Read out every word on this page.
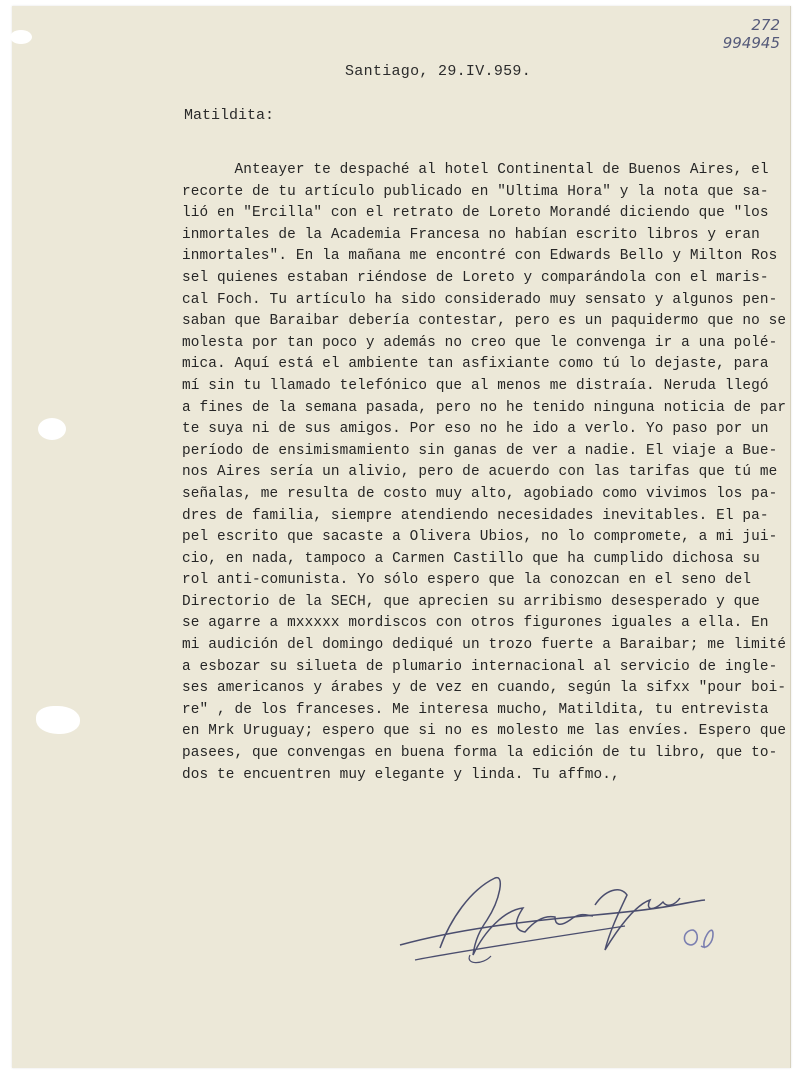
272
994945
Santiago, 29.IV.959.
Matildita:
Anteayer te despaché al hotel Continental de Buenos Aires, el
recorte de tu artículo publicado en "Ultima Hora" y la nota que sa-
lió en "Ercilla" con el retrato de Loreto Morandé diciendo que "los
inmortales de la Academia Francesa no habían escrito libros y eran
inmortales". En la mañana me encontré con Edwards Bello y Milton Ros
sel quienes estaban riéndose de Loreto y comparándola con el maris-
cal Foch. Tu artículo ha sido considerado muy sensato y algunos pen-
saban que Baraibar debería contestar, pero es un paquidermo que no se
molesta por tan poco y además no creo que le convenga ir a una polé-
mica. Aquí está el ambiente tan asfixiante como tú lo dejaste, para
mí sin tu llamado telefónico que al menos me distraía. Neruda llegó
a fines de la semana pasada, pero no he tenido ninguna noticia de par
te suya ni de sus amigos. Por eso no he ido a verlo. Yo paso por un
período de ensimismamiento sin ganas de ver a nadie. El viaje a Bue-
nos Aires sería un alivio, pero de acuerdo con las tarifas que tú me
señalas, me resulta de costo muy alto, agobiado como vivimos los pa-
dres de familia, siempre atendiendo necesidades inevitables. El pa-
pel escrito que sacaste a Olivera Ubios, no lo compromete, a mi jui-
cio, en nada, tampoco a Carmen Castillo que ha cumplido dichosa su
rol anti-comunista. Yo sólo espero que la conozcan en el seno del
Directorio de la SECH, que aprecien su arribismo desesperado y que
se agarre a mxxxxx mordiscos con otros figurones iguales a ella. En
mi audición del domingo dediqué un trozo fuerte a Baraibar; me limité
a esbozar su silueta de plumario internacional al servicio de ingle-
ses americanos y árabes y de vez en cuando, según la sifxx "pour boi-
re" , de los franceses. Me interesa mucho, Matildita, tu entrevista
en Mrk Uruguay; espero que si no es molesto me las envíes. Espero que
pasees, que convengas en buena forma la edición de tu libro, que to-
dos te encuentren muy elegante y linda. Tu affmo.,
